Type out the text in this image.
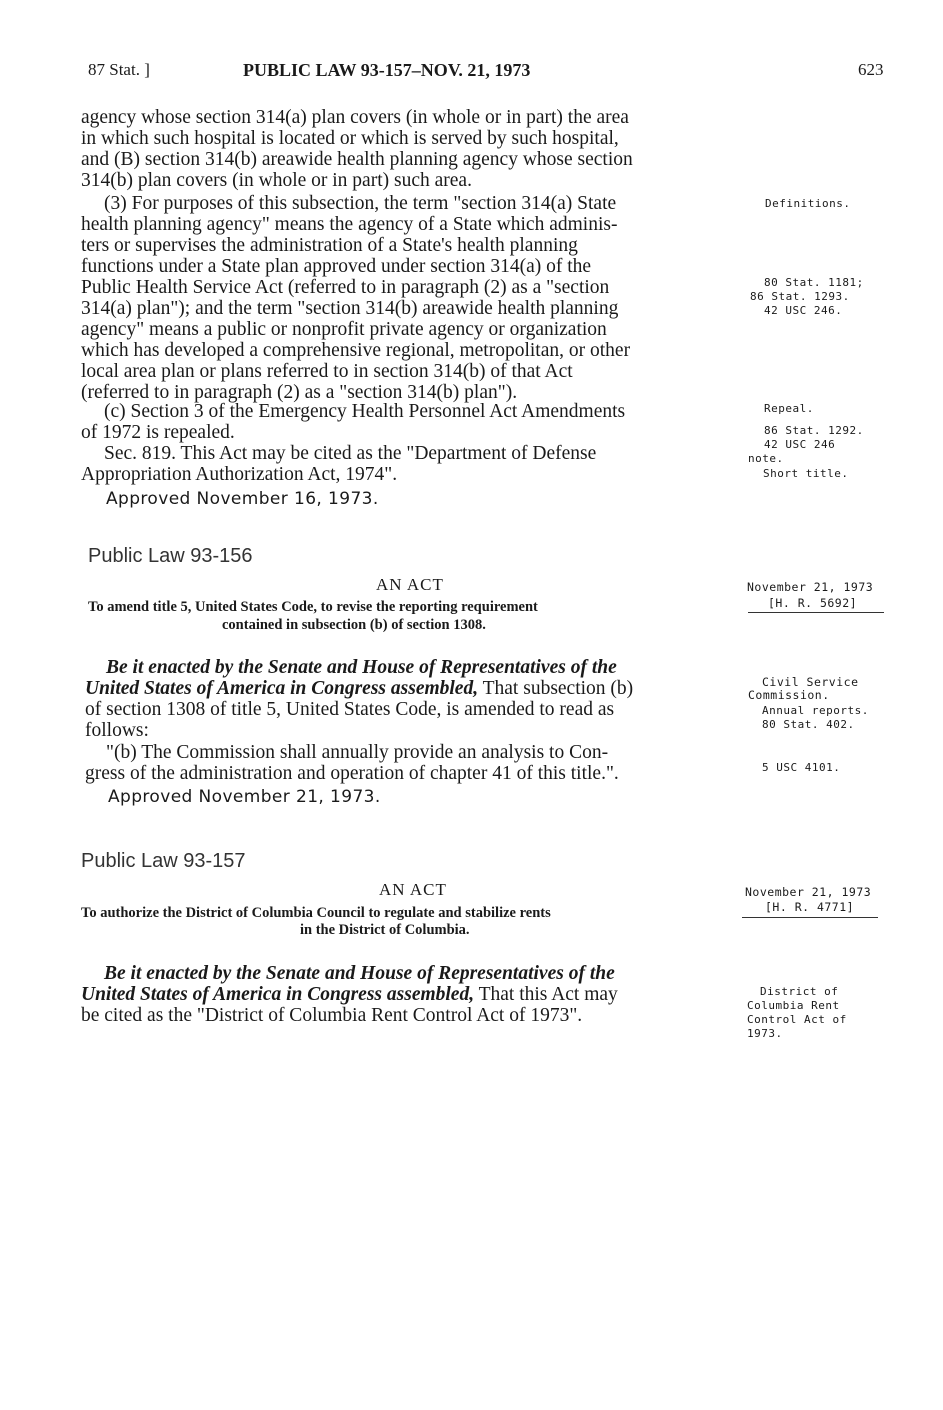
87 Stat. ]	PUBLIC LAW 93-157–NOV. 21, 1973	623
agency whose section 314(a) plan covers (in whole or in part) the area
in which such hospital is located or which is served by such hospital,
and (B) section 314(b) areawide health planning agency whose section
314(b) plan covers (in whole or in part) such area.
(3) For purposes of this subsection, the term "section 314(a) State
health planning agency" means the agency of a State which adminis-
ters or supervises the administration of a State's health planning
functions under a State plan approved under section 314(a) of the
Public Health Service Act (referred to in paragraph (2) as a "section
314(a) plan"); and the term "section 314(b) areawide health planning
agency" means a public or nonprofit private agency or organization
which has developed a comprehensive regional, metropolitan, or other
local area plan or plans referred to in section 314(b) of that Act
(referred to in paragraph (2) as a "section 314(b) plan").
(c) Section 3 of the Emergency Health Personnel Act Amendments
of 1972 is repealed.
Sec. 819. This Act may be cited as the "Department of Defense
Appropriation Authorization Act, 1974".
Approved November 16, 1973.
Definitions.
80 Stat. 1181;
86 Stat. 1293.
42 USC 246.
Repeal.
86 Stat. 1292.
42 USC 246
note.
Short title.
Public Law 93-156
AN ACT	November 21, 1973
[H. R. 5692]
To amend title 5, United States Code, to revise the reporting requirement
contained in subsection (b) of section 1308.
Be it enacted by the Senate and House of Representatives of the
United States of America in Congress assembled, That subsection (b)
of section 1308 of title 5, United States Code, is amended to read as
follows:
"(b) The Commission shall annually provide an analysis to Con-
gress of the administration and operation of chapter 41 of this title.".
Approved November 21, 1973.
Civil Service
Commission.
Annual reports.
80 Stat. 402.
5 USC 4101.
Public Law 93-157
AN ACT	November 21, 1973
[H. R. 4771]
To authorize the District of Columbia Council to regulate and stabilize rents
in the District of Columbia.
Be it enacted by the Senate and House of Representatives of the
United States of America in Congress assembled, That this Act may
be cited as the "District of Columbia Rent Control Act of 1973".
District of
Columbia Rent
Control Act of
1973.
